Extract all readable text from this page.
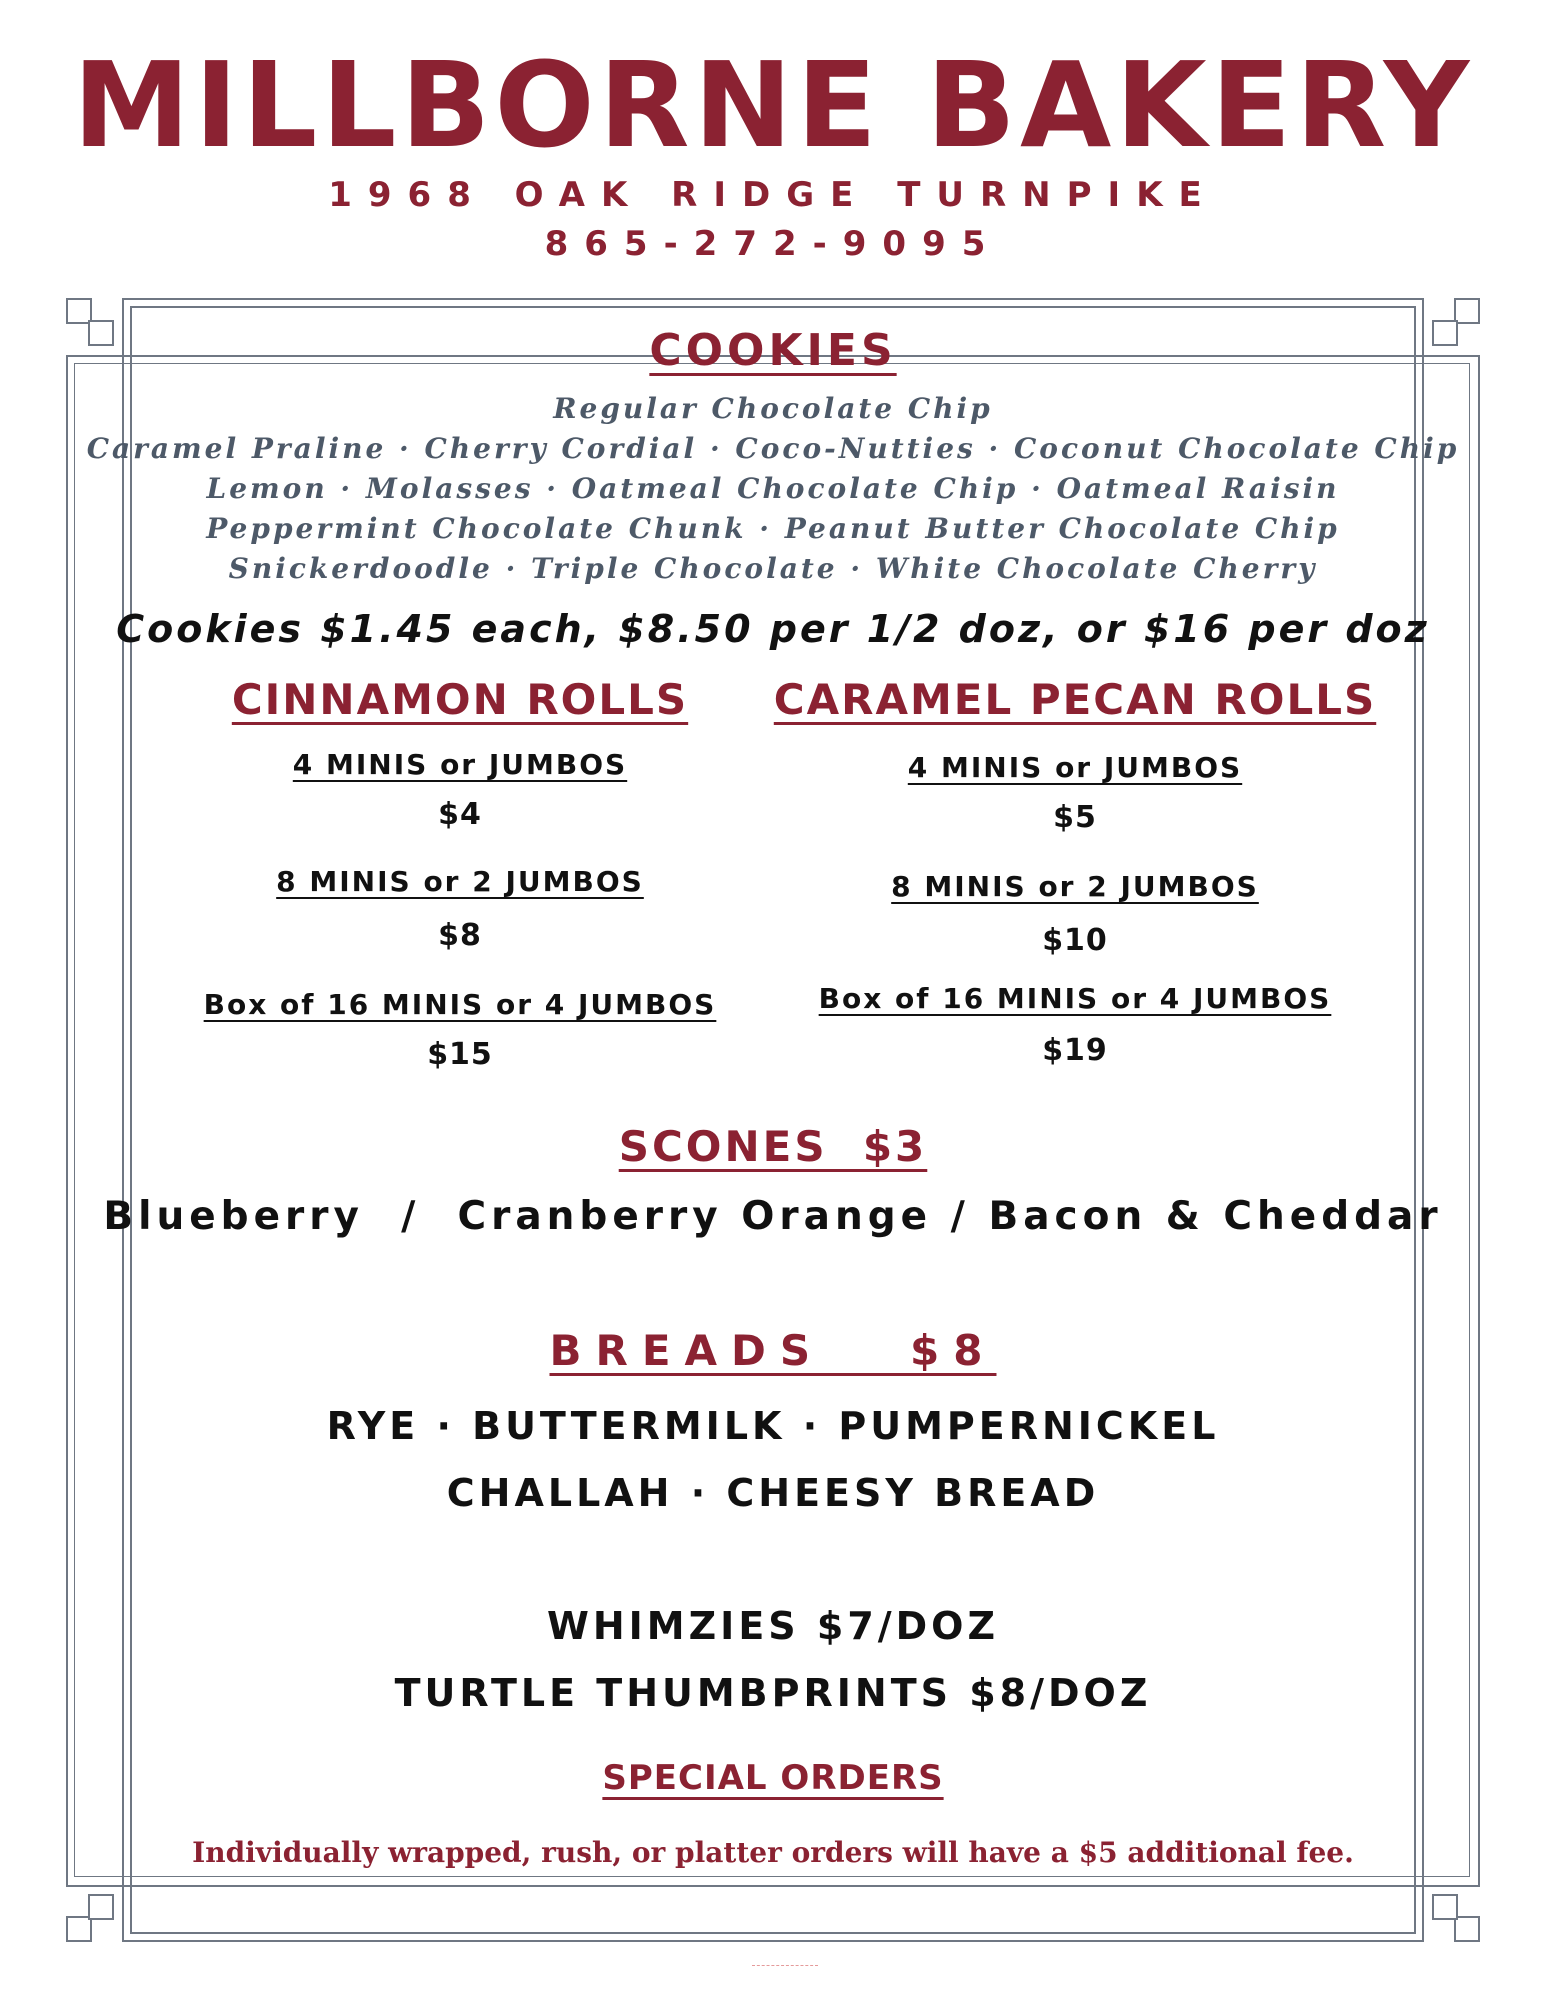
MILLBORNE BAKERY
1968 OAK RIDGE TURNPIKE
865-272-9095
COOKIES
Regular Chocolate Chip
Caramel Praline · Cherry Cordial · Coco-Nutties · Coconut Chocolate Chip
Lemon · Molasses · Oatmeal Chocolate Chip · Oatmeal Raisin
Peppermint Chocolate Chunk · Peanut Butter Chocolate Chip
Snickerdoodle · Triple Chocolate · White Chocolate Cherry
Cookies $1.45 each, $8.50 per 1/2 doz, or $16 per doz
CINNAMON ROLLS
4 MINIS or JUMBOS
$4
8 MINIS or 2 JUMBOS
$8
Box of 16 MINIS or 4 JUMBOS
$15
CARAMEL PECAN ROLLS
4 MINIS or JUMBOS
$5
8 MINIS or 2 JUMBOS
$10
Box of 16 MINIS or 4 JUMBOS
$19
SCONES  $3
Blueberry  /  Cranberry Orange / Bacon & Cheddar
BREADS   $8
RYE · BUTTERMILK · PUMPERNICKEL
CHALLAH · CHEESY BREAD
WHIMZIES $7/DOZ
TURTLE THUMBPRINTS $8/DOZ
SPECIAL ORDERS
Individually wrapped, rush, or platter orders will have a $5 additional fee.
